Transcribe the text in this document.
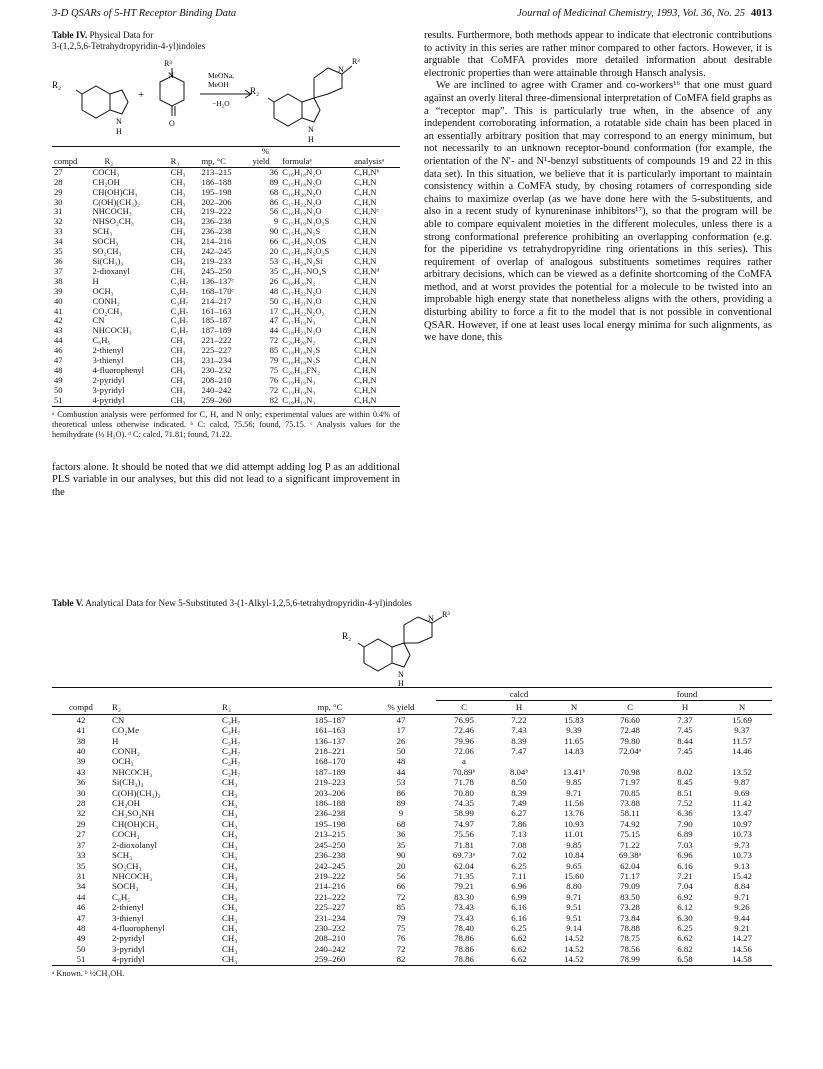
3-D QSARs of 5-HT Receptor Binding Data	Journal of Medicinal Chemistry, 1993, Vol. 36, No. 25 4013
Table IV. Physical Data for
3-(1,2,5,6-Tetrahydropyridin-4-yl)indoles
R₂
N
H
+
R³
N
O
MeONa,
MeOH
−H₂O
R₂
N
H
N
R³
				%		
compd	R₂	R₃	mp, °C	yield	formulaᵃ	analysisᵃ
27	COCH₃	CH₃	213–215	36	C₁₆H₁₈N₂O	C,H,Nᵇ
28	CH₂OH	CH₃	186–188	89	C₁₅H₁₈N₂O	C,H,N
29	CH(OH)CH₃	CH₃	195–198	68	C₁₆H₂₀N₂O	C,H,N
30	C(OH)(CH₃)₂	CH₃	202–206	86	C₁₇H₂₂N₂O	C,H,N
31	NHCOCH₃	CH₃	219–222	56	C₁₆H₁₉N₃O	C,H,Nᶜ
32	NHSO₂CH₃	CH₃	236–238	9	C₁₅H₁₉N₃O₂S	C,H,N
33	SCH₃	CH₃	236–238	90	C₁₅H₁₈N₂S	C,H,N
34	SOCH₃	CH₃	214–216	66	C₁₅H₁₈N₂OS	C,H,N
35	SO₂CH₃	CH₃	242–245	20	C₁₅H₁₈N₂O₂S	C,H,N
36	Si(CH₃)₃	CH₃	219–233	53	C₁₇H₂₄N₂Si	C,H,N
37	2-dioxanyl	CH₃	245–250	35	C₁₈H₁₇NO₄S	C,H,Nᵈ
38	H	C₃H₇	136–137ᶜ	26	C₁₆H₂₀N₂	C,H,N
39	OCH₃	C₃H₇	168–170ᶜ	48	C₁₇H₂₂N₂O	C,H,N
40	CONH₂	C₃H₇	214–217	50	C₁₇H₂₁N₃O	C,H,N
41	CO₂CH₃	C₃H₇	161–163	17	C₁₈H₂₂N₂O₂	C,H,N
42	CN	C₃H₇	185–187	47	C₁₇H₁₉N₃	C,H,N
43	NHCOCH₃	C₃H₇	187–189	44	C₁₈H₂₃N₃O	C,H,N
44	C₆H₅	CH₃	221–222	72	C₂₀H₂₀N₂	C,H,N
46	2-thienyl	CH₃	225–227	85	C₁₈H₁₈N₂S	C,H,N
47	3-thienyl	CH₃	231–234	79	C₁₈H₁₈N₂S	C,H,N
48	4-fluorophenyl	CH₃	230–232	75	C₂₀H₁₉FN₂	C,H,N
49	2-pyridyl	CH₃	208–210	76	C₁₉H₁₉N₃	C,H,N
50	3-pyridyl	CH₃	240–242	72	C₁₉H₁₉N₃	C,H,N
51	4-pyridyl	CH₃	259–260	82	C₁₉H₁₉N₃	C,H,N
ᵃ Combustion analysis were performed for C, H, and N only; experimental values are within 0.4% of theoretical unless otherwise indicated. ᵇ C: calcd, 75.56; found, 75.15. ᶜ Analysis values for the hemihydrate (½ H₂O). ᵈ C: calcd, 71.81; found, 71.22.

factors alone. It should be noted that we did attempt adding log P as an additional PLS variable in our analyses, but this did not lead to a significant improvement in the

results. Furthermore, both methods appear to indicate that electronic contributions to activity in this series are rather minor compared to other factors. However, it is arguable that CoMFA provides more detailed information about desirable electronic properties than were attainable through Hansch analysis.

We are inclined to agree with Cramer and co-workers¹⁶ that one must guard against an overly literal three-dimensional interpretation of CoMFA field graphs as a “receptor map”. This is particularly true when, in the absence of any independent corroborating information, a rotatable side chain has been placed in an essentially arbitrary position that may correspond to an energy minimum, but not necessarily to an unknown receptor-bound conformation (for example, the orientation of the N′- and N¹-benzyl substituents of compounds 19 and 22 in this data set). In this situation, we believe that it is particularly important to maintain consistency within a CoMFA study, by chosing rotamers of corresponding side chains to maximize overlap (as we have done here with the 5-substituents, and also in a recent study of kynureninase inhibitors¹⁷), so that the program will be able to compare equivalent moieties in the different molecules, unless there is a strong conformational preference prohibiting an overlapping conformation (e.g. for the piperidine vs tetrahydropyridine ring orientations in this series). This requirement of overlap of analogous substituents sometimes requires rather arbitrary decisions, which can be viewed as a definite shortcoming of the CoMFA method, and at worst provides the potential for a molecule to be twisted into an improbable high energy state that nonetheless aligns with the others, providing a disturbing ability to force a fit to the model that is not possible in conventional QSAR. However, if one at least uses local energy minima for such alignments, as we have done, this

Table V. Analytical Data for New 5-Substituted 3-(1-Alkyl-1,2,5,6-tetrahydropyridin-4-yl)indoles
R₂
N
H
N R³
					calcd			found		
compd	R₂	R₃	mp, °C	% yield	C	H	N	C	H	N
42	CN	C₃H₇	185–187	47	76.95	7.22	15.83	76.60	7.37	15.69
41	CO₂Me	C₃H₇	161–163	17	72.46	7.43	9.39	72.48	7.45	9.37
38	H	C₃H₇	136–137	26	79.96	8.39	11.65	79.80	8.44	11.57
40	CONH₂	C₃H₇	218–221	50	72.06	7.47	14.83	72.04ᵃ	7.45	14.46
39	OCH₃	C₃H₇	168–170	48	a					
43	NHCOCH₃	C₃H₇	187–189	44	70.89ᵇ	8.04ᵇ	13.41ᵇ	70.98	8.02	13.52
36	Si(CH₃)₃	CH₃	219–223	53	71.78	8.50	9.85	71.97	8.45	9.87
30	C(OH)(CH₃)₂	CH₃	203–206	86	70.80	8.39	9.71	70.85	8.51	9.69
28	CH₂OH	CH₃	186–188	89	74.35	7.49	11.56	73.88	7.52	11.42
32	CH₃SO₂NH	CH₃	236–238	9	58.99	6.27	13.76	58.11	6.36	13.47
29	CH(OH)CH₃	CH₃	195–198	68	74.97	7.86	10.93	74.92	7.90	10.97
27	COCH₃	CH₃	213–215	36	75.56	7.13	11.01	75.15	6.89	10.73
37	2-dioxolanyl	CH₃	245–250	35	71.81	7.08	9.85	71.22	7.03	9.73
33	SCH₃	CH₃	236–238	90	69.73ᵃ	7.02	10.84	69.38ᵃ	6.96	10.73
35	SO₂CH₃	CH₃	242–245	20	62.04	6.25	9.65	62.04	6.16	9.13
31	NHCOCH₃	CH₃	219–222	56	71.35	7.11	15.60	71.17	7.21	15.42
34	SOCH₃	CH₃	214–216	66	79.21	6.96	8.80	79.09	7.04	8.84
44	C₆H₅	CH₃	221–222	72	83.30	6.99	9.71	83.50	6.92	9.71
46	2-thienyl	CH₃	225–227	85	73.43	6.16	9.51	73.28	6.12	9.26
47	3-thienyl	CH₃	231–234	79	73.43	6.16	9.51	73.84	6.30	9.44
48	4-fluorophenyl	CH₃	230–232	75	78.40	6.25	9.14	78.88	6.25	9.21
49	2-pyridyl	CH₃	208–210	76	78.86	6.62	14.52	78.75	6.62	14.27
50	3-pyridyl	CH₃	240–242	72	78.86	6.62	14.52	78.56	6.82	14.56
51	4-pyridyl	CH₃	259–260	82	78.86	6.62	14.52	78.99	6.58	14.58
ᵃ Known. ᵇ ½CH₃OH.
